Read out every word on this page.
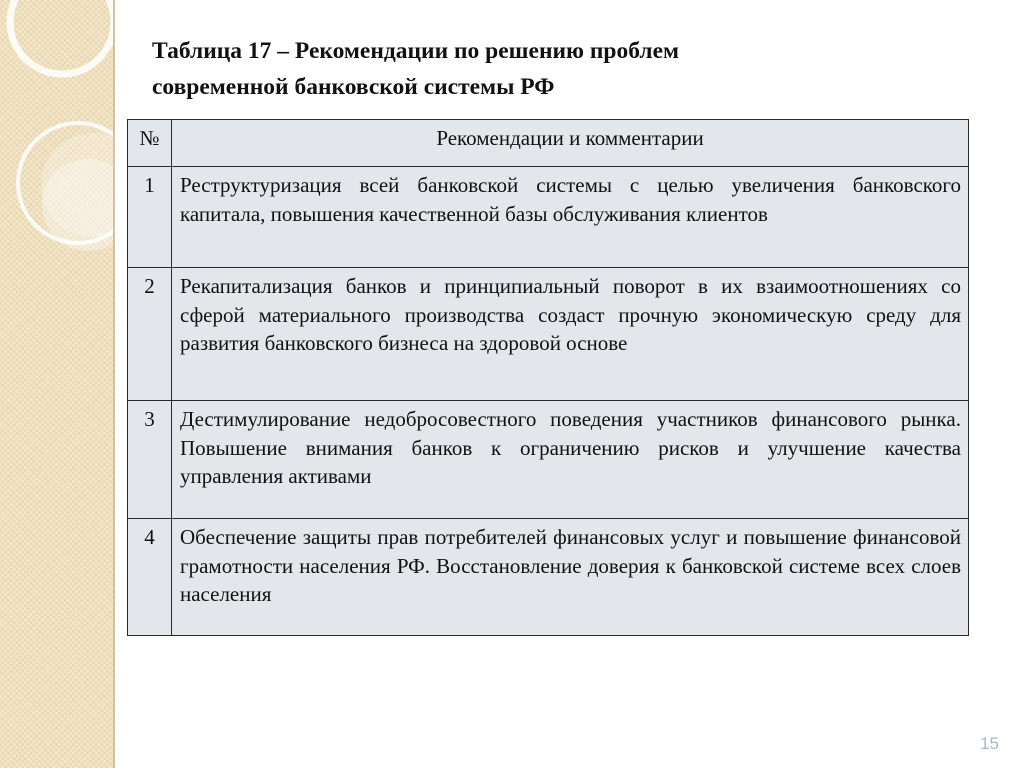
Таблица 17 – Рекомендации по решению проблем
современной банковской системы РФ
№	Рекомендации и комментарии
1	Реструктуризация всей банковской системы с целью увеличения банковского капитала, повышения качественной базы обслуживания клиентов
2	Рекапитализация банков и принципиальный поворот в их взаимоотношениях со сферой материального производства создаст прочную экономическую среду для развития банковского бизнеса на здоровой основе
3	Дестимулирование недобросовестного поведения участников финансового рынка. Повышение внимания банков к ограничению рисков и улучшение качества управления активами
4	Обеспечение защиты прав потребителей финансовых услуг и повышение финансовой грамотности населения РФ. Восстановление доверия к банковской системе всех слоев населения
15
